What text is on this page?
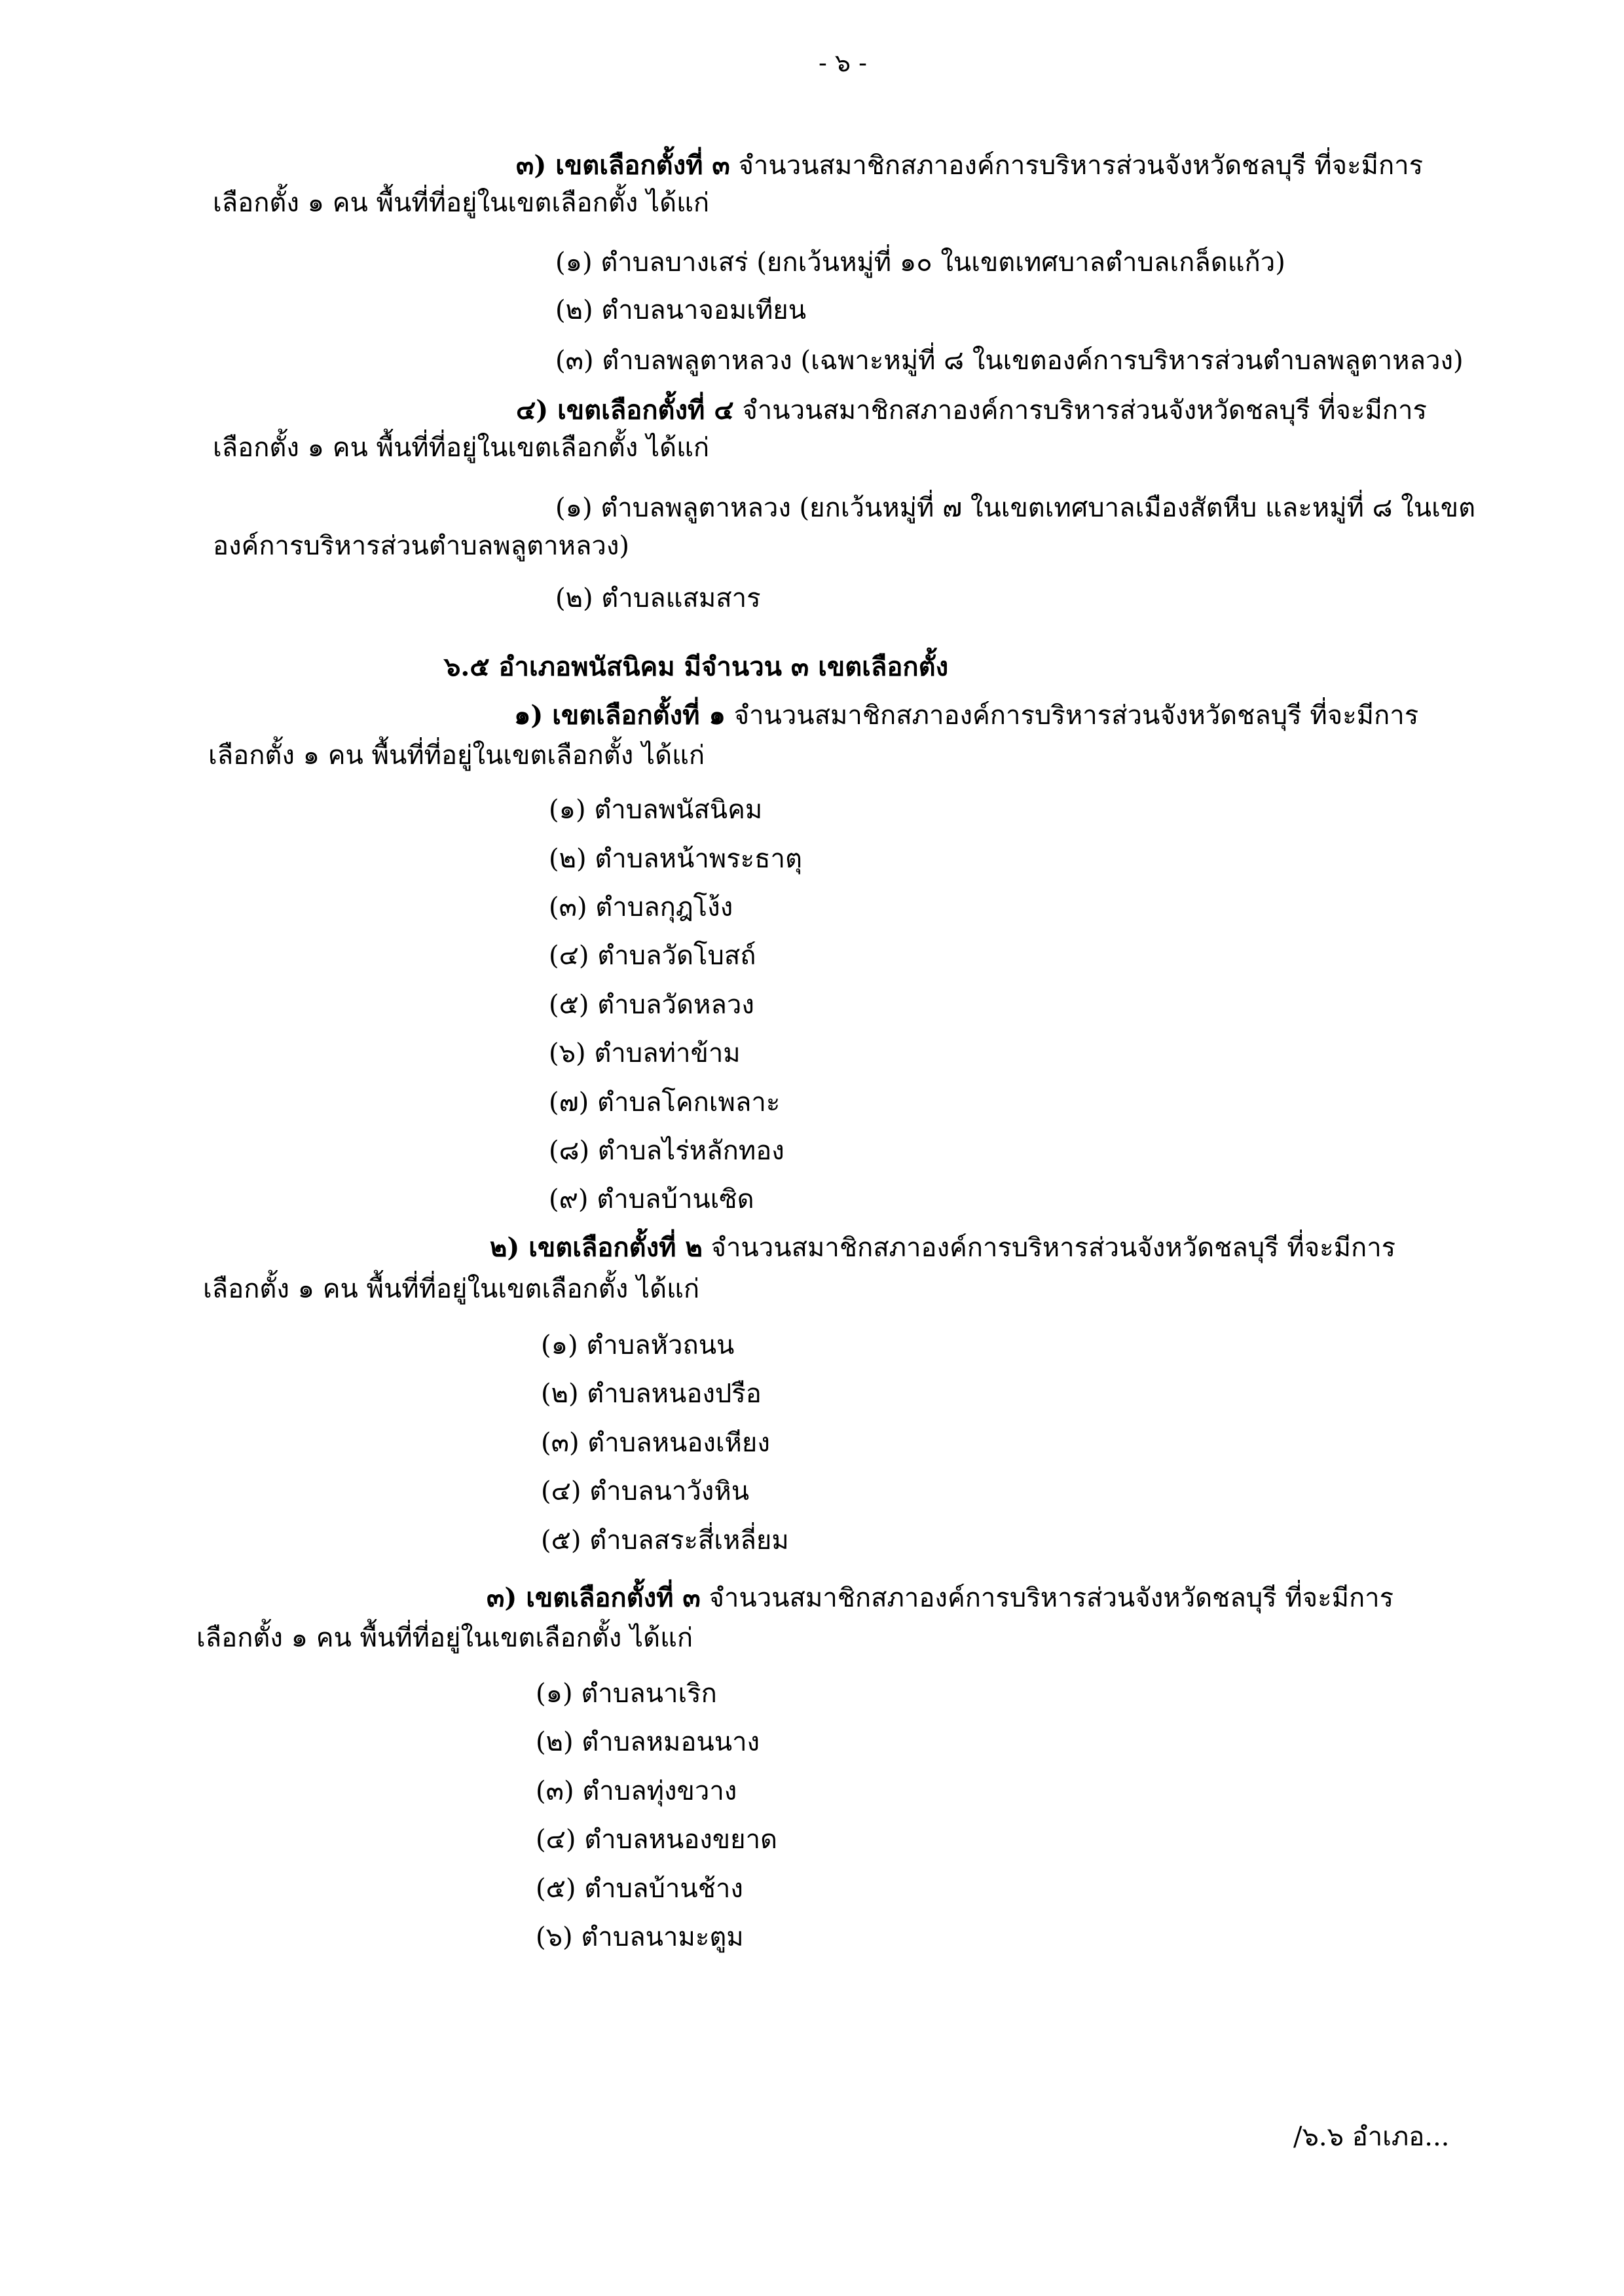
- ๖ -
๓) เขตเลือกตั้งที่ ๓ จำนวนสมาชิกสภาองค์การบริหารส่วนจังหวัดชลบุรี ที่จะมีการ
เลือกตั้ง ๑ คน พื้นที่ที่อยู่ในเขตเลือกตั้ง ได้แก่
(๑) ตำบลบางเสร่ (ยกเว้นหมู่ที่ ๑๐ ในเขตเทศบาลตำบลเกล็ดแก้ว)
(๒) ตำบลนาจอมเทียน
(๓) ตำบลพลูตาหลวง (เฉพาะหมู่ที่ ๘ ในเขตองค์การบริหารส่วนตำบลพลูตาหลวง)
๔) เขตเลือกตั้งที่ ๔ จำนวนสมาชิกสภาองค์การบริหารส่วนจังหวัดชลบุรี ที่จะมีการ
เลือกตั้ง ๑ คน พื้นที่ที่อยู่ในเขตเลือกตั้ง ได้แก่
(๑) ตำบลพลูตาหลวง (ยกเว้นหมู่ที่ ๗ ในเขตเทศบาลเมืองสัตหีบ และหมู่ที่ ๘ ในเขต
องค์การบริหารส่วนตำบลพลูตาหลวง)
(๒) ตำบลแสมสาร
๖.๕ อำเภอพนัสนิคม มีจำนวน ๓ เขตเลือกตั้ง
๑) เขตเลือกตั้งที่ ๑ จำนวนสมาชิกสภาองค์การบริหารส่วนจังหวัดชลบุรี ที่จะมีการ
เลือกตั้ง ๑ คน พื้นที่ที่อยู่ในเขตเลือกตั้ง ได้แก่
(๑) ตำบลพนัสนิคม
(๒) ตำบลหน้าพระธาตุ
(๓) ตำบลกุฎโง้ง
(๔) ตำบลวัดโบสถ์
(๕) ตำบลวัดหลวง
(๖) ตำบลท่าข้าม
(๗) ตำบลโคกเพลาะ
(๘) ตำบลไร่หลักทอง
(๙) ตำบลบ้านเซิด
๒) เขตเลือกตั้งที่ ๒ จำนวนสมาชิกสภาองค์การบริหารส่วนจังหวัดชลบุรี ที่จะมีการ
เลือกตั้ง ๑ คน พื้นที่ที่อยู่ในเขตเลือกตั้ง ได้แก่
(๑) ตำบลหัวถนน
(๒) ตำบลหนองปรือ
(๓) ตำบลหนองเหียง
(๔) ตำบลนาวังหิน
(๕) ตำบลสระสี่เหลี่ยม
๓) เขตเลือกตั้งที่ ๓ จำนวนสมาชิกสภาองค์การบริหารส่วนจังหวัดชลบุรี ที่จะมีการ
เลือกตั้ง ๑ คน พื้นที่ที่อยู่ในเขตเลือกตั้ง ได้แก่
(๑) ตำบลนาเริก
(๒) ตำบลหมอนนาง
(๓) ตำบลทุ่งขวาง
(๔) ตำบลหนองขยาด
(๕) ตำบลบ้านช้าง
(๖) ตำบลนามะตูม
/๖.๖ อำเภอ...
